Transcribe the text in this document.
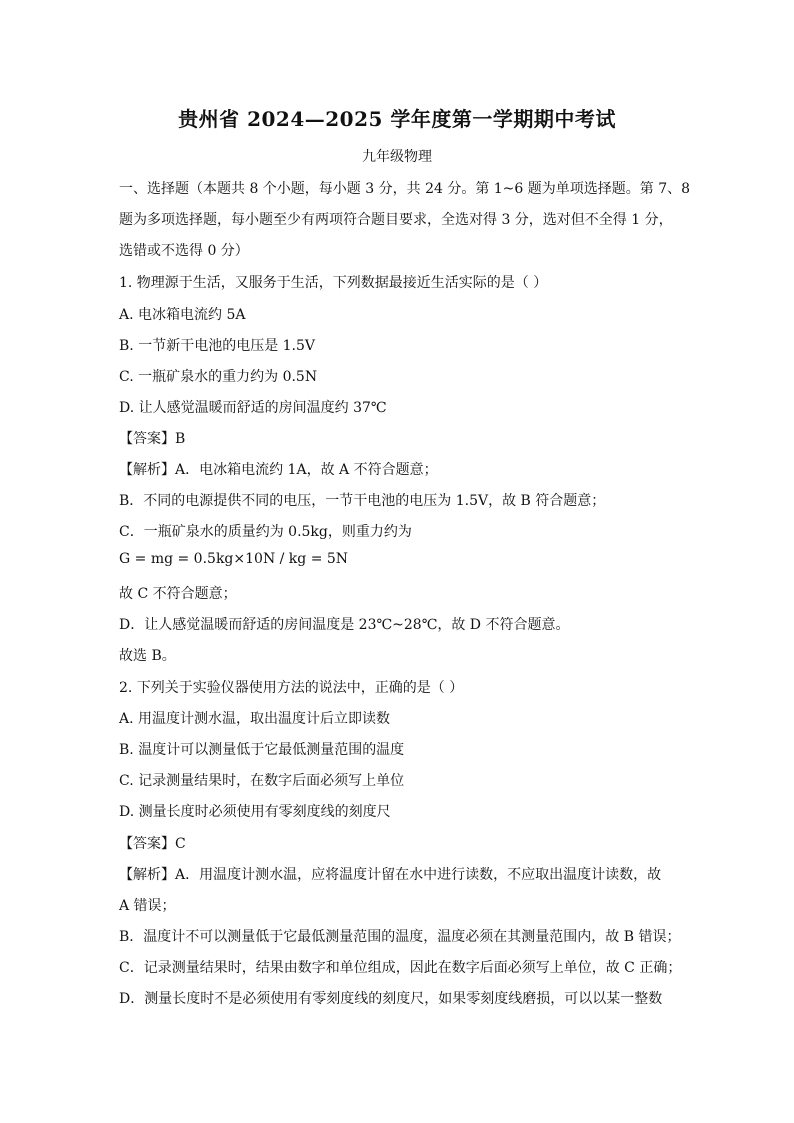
贵州省 2024—2025 学年度第一学期期中考试
九年级物理
一、选择题（本题共 8 个小题，每小题 3 分，共 24 分。第 1~6 题为单项选择题。第 7、8
题为多项选择题，每小题至少有两项符合题目要求，全选对得 3 分，选对但不全得 1 分，
选错或不选得 0 分）
1. 物理源于生活，又服务于生活，下列数据最接近生活实际的是（ ）
A. 电冰箱电流约 5A
B. 一节新干电池的电压是 1.5V
C. 一瓶矿泉水的重力约为 0.5N
D. 让人感觉温暖而舒适的房间温度约 37℃
【答案】B
【解析】A．电冰箱电流约 1A，故 A 不符合题意；
B．不同的电源提供不同的电压，一节干电池的电压为 1.5V，故 B 符合题意；
C．一瓶矿泉水的质量约为 0.5kg，则重力约为
G = mg = 0.5kg×10N / kg = 5N
故 C 不符合题意；
D．让人感觉温暖而舒适的房间温度是 23℃~28℃，故 D 不符合题意。
故选 B。
2. 下列关于实验仪器使用方法的说法中，正确的是（ ）
A. 用温度计测水温，取出温度计后立即读数
B. 温度计可以测量低于它最低测量范围的温度
C. 记录测量结果时，在数字后面必须写上单位
D. 测量长度时必须使用有零刻度线的刻度尺
【答案】C
【解析】A．用温度计测水温，应将温度计留在水中进行读数，不应取出温度计读数，故
A 错误；
B．温度计不可以测量低于它最低测量范围的温度，温度必须在其测量范围内，故 B 错误；
C．记录测量结果时，结果由数字和单位组成，因此在数字后面必须写上单位，故 C 正确；
D．测量长度时不是必须使用有零刻度线的刻度尺，如果零刻度线磨损，可以以某一整数
